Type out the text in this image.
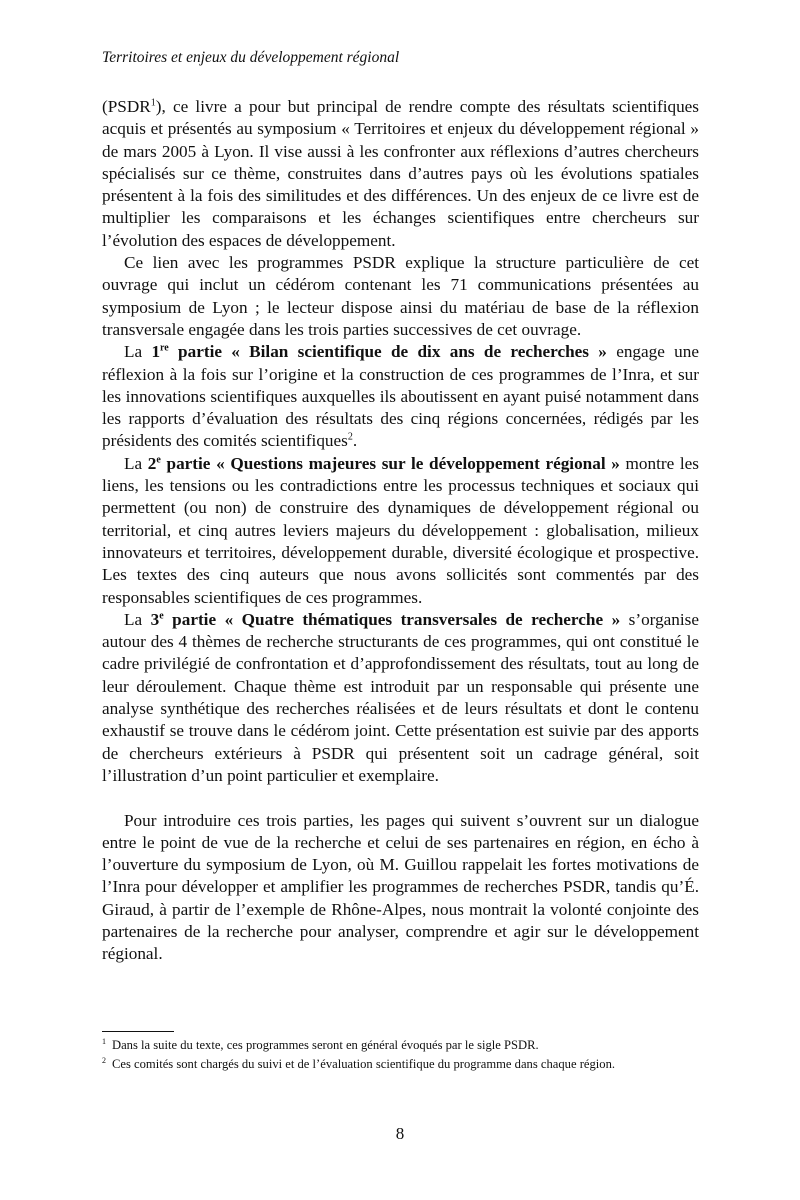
Territoires et enjeux du développement régional

(PSDR$^1$), ce livre a pour but principal de rendre compte des résultats scientifiques acquis et présentés au symposium « Territoires et enjeux du développement régional » de mars 2005 à Lyon. Il vise aussi à les confronter aux réflexions d’autres chercheurs spécialisés sur ce thème, construites dans d’autres pays où les évolutions spatiales présentent à la fois des similitudes et des différences. Un des enjeux de ce livre est de multiplier les comparaisons et les échanges scientifiques entre chercheurs sur l’évolution des espaces de développement.

Ce lien avec les programmes PSDR explique la structure particulière de cet ouvrage qui inclut un cédérom contenant les 71 communications présentées au symposium de Lyon ; le lecteur dispose ainsi du matériau de base de la réflexion transversale engagée dans les trois parties successives de cet ouvrage.

La 1re partie « Bilan scientifique de dix ans de recherches » engage une réflexion à la fois sur l’origine et la construction de ces programmes de l’Inra, et sur les innovations scientifiques auxquelles ils aboutissent en ayant puisé notamment dans les rapports d’évaluation des résultats des cinq régions concernées, rédigés par les présidents des comités scientifiques$^2$.

La 2e partie « Questions majeures sur le développement régional » montre les liens, les tensions ou les contradictions entre les processus techniques et sociaux qui permettent (ou non) de construire des dynamiques de développement régional ou territorial, et cinq autres leviers majeurs du développement : globalisation, milieux innovateurs et territoires, développement durable, diversité écologique et prospective. Les textes des cinq auteurs que nous avons sollicités sont commentés par des responsables scientifiques de ces programmes.

La 3e partie « Quatre thématiques transversales de recherche » s’organise autour des 4 thèmes de recherche structurants de ces programmes, qui ont constitué le cadre privilégié de confrontation et d’approfondissement des résultats, tout au long de leur déroulement. Chaque thème est introduit par un responsable qui présente une analyse synthétique des recherches réalisées et de leurs résultats et dont le contenu exhaustif se trouve dans le cédérom joint. Cette présentation est suivie par des apports de chercheurs extérieurs à PSDR qui présentent soit un cadrage général, soit l’illustration d’un point particulier et exemplaire.

Pour introduire ces trois parties, les pages qui suivent s’ouvrent sur un dialogue entre le point de vue de la recherche et celui de ses partenaires en région, en écho à l’ouverture du symposium de Lyon, où M. Guillou rappelait les fortes motivations de l’Inra pour développer et amplifier les programmes de recherches PSDR, tandis qu’É. Giraud, à partir de l’exemple de Rhône-Alpes, nous montrait la volonté conjointe des partenaires de la recherche pour analyser, comprendre et agir sur le développement régional.

$^1$ Dans la suite du texte, ces programmes seront en général évoqués par le sigle PSDR.
$^2$ Ces comités sont chargés du suivi et de l’évaluation scientifique du programme dans chaque région.
8
